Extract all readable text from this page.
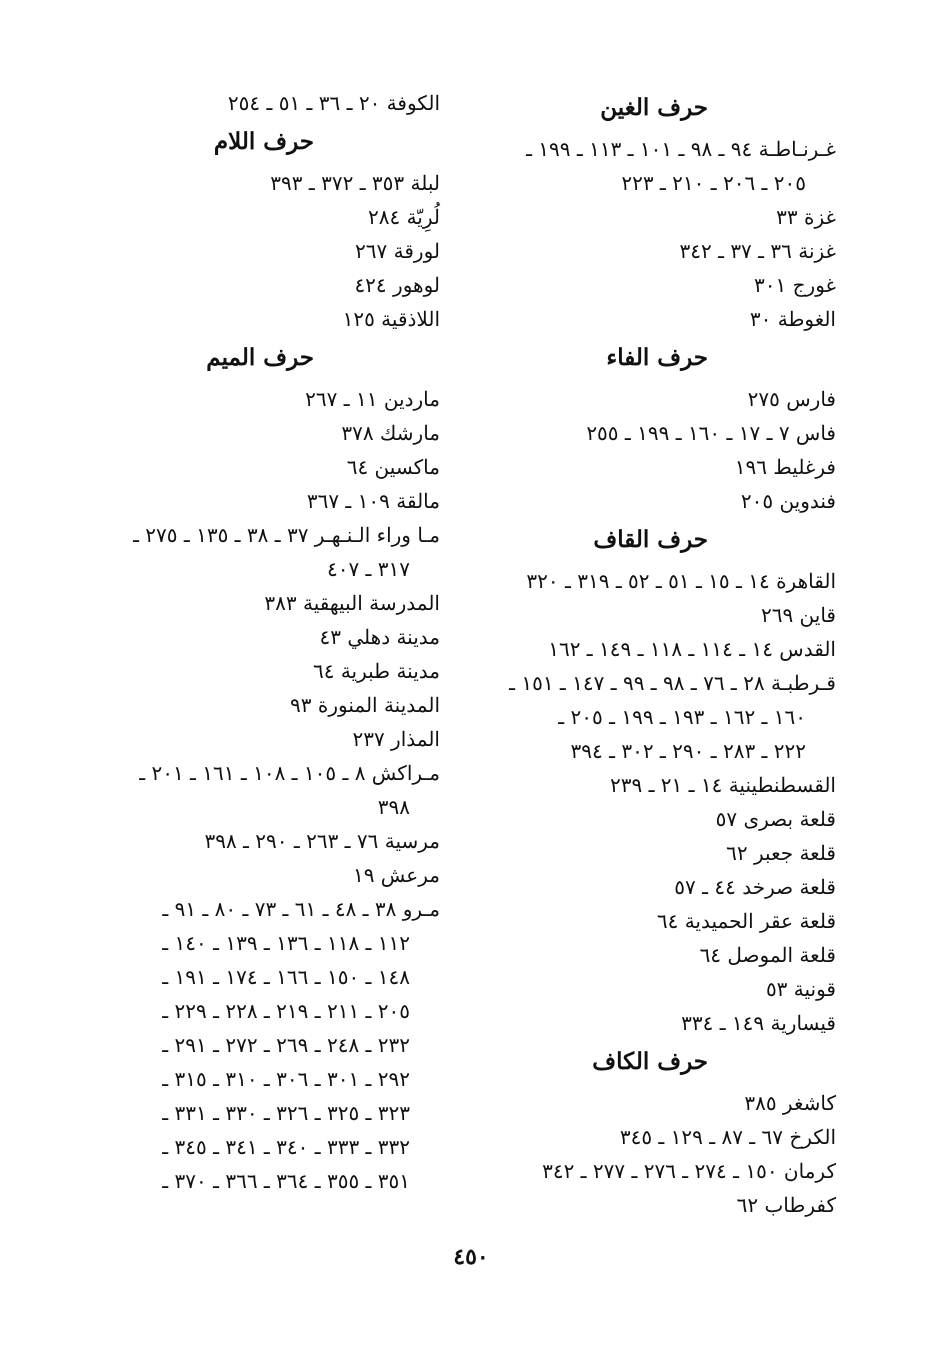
حرف الغين
غـرنـاطـة ٩٤ ـ ٩٨ ـ ١٠١ ـ ١١٣ ـ ١٩٩ ـ
٢٠٥ ـ ٢٠٦ ـ ٢١٠ ـ ٢٢٣
غزة ٣٣
غزنة ٣٦ ـ ٣٧ ـ ٣٤٢
غورج ٣٠١
الغوطة ٣٠
حرف الفاء
فارس ٢٧٥
فاس ٧ ـ ١٧ ـ ١٦٠ ـ ١٩٩ ـ ٢٥٥
فرغليط ١٩٦
فندوين ٢٠٥
حرف القاف
القاهرة ١٤ ـ ١٥ ـ ٥١ ـ ٥٢ ـ ٣١٩ ـ ٣٢٠
قاين ٢٦٩
القدس ١٤ ـ ١١٤ ـ ١١٨ ـ ١٤٩ ـ ١٦٢
قـرطبـة ٢٨ ـ ٧٦ ـ ٩٨ ـ ٩٩ ـ ١٤٧ ـ ١٥١ ـ
١٦٠ ـ ١٦٢ ـ ١٩٣ ـ ١٩٩ ـ ٢٠٥ ـ
٢٢٢ ـ ٢٨٣ ـ ٢٩٠ ـ ٣٠٢ ـ ٣٩٤
القسطنطينية ١٤ ـ ٢١ ـ ٢٣٩
قلعة بصرى ٥٧
قلعة جعبر ٦٢
قلعة صرخد ٤٤ ـ ٥٧
قلعة عقر الحميدية ٦٤
قلعة الموصل ٦٤
قونية ٥٣
قيسارية ١٤٩ ـ ٣٣٤
حرف الكاف
كاشغر ٣٨٥
الكرخ ٦٧ ـ ٨٧ ـ ١٢٩ ـ ٣٤٥
كرمان ١٥٠ ـ ٢٧٤ ـ ٢٧٦ ـ ٢٧٧ ـ ٣٤٢
كفرطاب ٦٢
الكوفة ٢٠ ـ ٣٦ ـ ٥١ ـ ٢٥٤
حرف اللام
لبلة ٣٥٣ ـ ٣٧٢ ـ ٣٩٣
لُرِيّة ٢٨٤
لورقة ٢٦٧
لوهور ٤٢٤
اللاذقية ١٢٥
حرف الميم
ماردين ١١ ـ ٢٦٧
مارشك ٣٧٨
ماكسين ٦٤
مالقة ١٠٩ ـ ٣٦٧
مـا وراء الـنـهـر ٣٧ ـ ٣٨ ـ ١٣٥ ـ ٢٧٥ ـ
٣١٧ ـ ٤٠٧
المدرسة البيهقية ٣٨٣
مدينة دهلي ٤٣
مدينة طبرية ٦٤
المدينة المنورة ٩٣
المذار ٢٣٧
مـراكش ٨ ـ ١٠٥ ـ ١٠٨ ـ ١٦١ ـ ٢٠١ ـ
٣٩٨
مرسية ٧٦ ـ ٢٦٣ ـ ٢٩٠ ـ ٣٩٨
مرعش ١٩
مـرو ٣٨ ـ ٤٨ ـ ٦١ ـ ٧٣ ـ ٨٠ ـ ٩١ ـ
١١٢ ـ ١١٨ ـ ١٣٦ ـ ١٣٩ ـ ١٤٠ ـ
١٤٨ ـ ١٥٠ ـ ١٦٦ ـ ١٧٤ ـ ١٩١ ـ
٢٠٥ ـ ٢١١ ـ ٢١٩ ـ ٢٢٨ ـ ٢٢٩ ـ
٢٣٢ ـ ٢٤٨ ـ ٢٦٩ ـ ٢٧٢ ـ ٢٩١ ـ
٢٩٢ ـ ٣٠١ ـ ٣٠٦ ـ ٣١٠ ـ ٣١٥ ـ
٣٢٣ ـ ٣٢٥ ـ ٣٢٦ ـ ٣٣٠ ـ ٣٣١ ـ
٣٣٢ ـ ٣٣٣ ـ ٣٤٠ ـ ٣٤١ ـ ٣٤٥ ـ
٣٥١ ـ ٣٥٥ ـ ٣٦٤ ـ ٣٦٦ ـ ٣٧٠ ـ
٤٥٠
